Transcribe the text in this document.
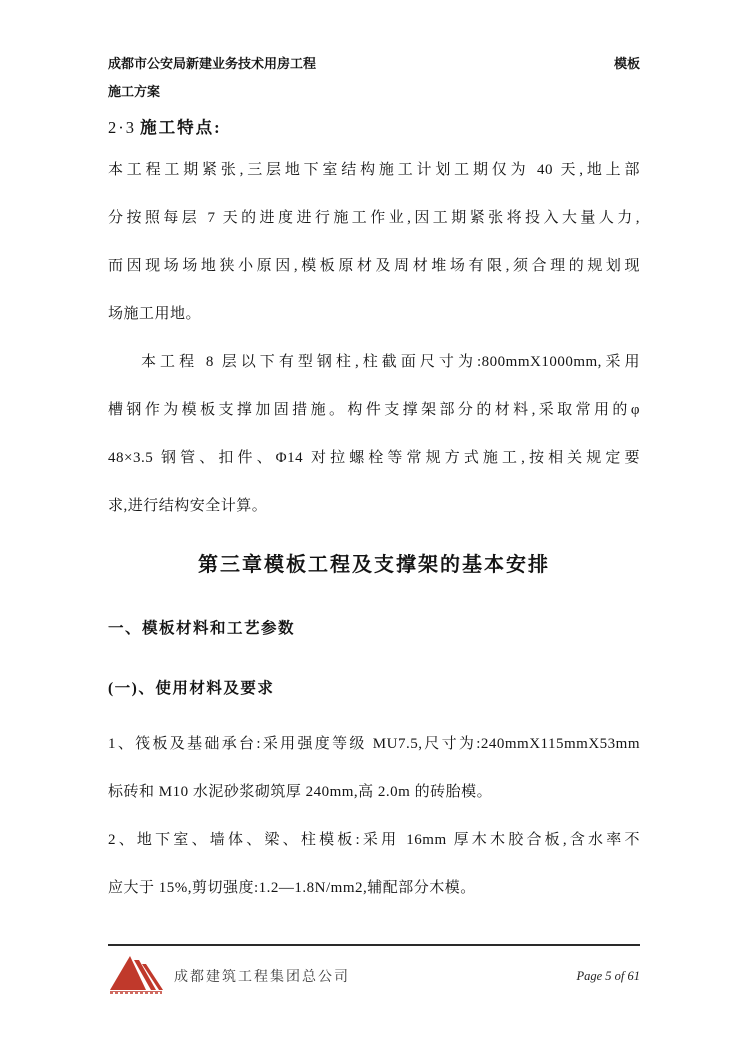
成都市公安局新建业务技术用房工程	模板
施工方案
2·3 施工特点:
本工程工期紧张,三层地下室结构施工计划工期仅为 40 天,地上部
分按照每层 7 天的进度进行施工作业,因工期紧张将投入大量人力,
而因现场场地狭小原因,模板原材及周材堆场有限,须合理的规划现
场施工用地。
本工程 8 层以下有型钢柱,柱截面尺寸为:800mmX1000mm,采用
槽钢作为模板支撑加固措施。构件支撑架部分的材料,采取常用的φ
48×3.5 钢管、扣件、Φ14 对拉螺栓等常规方式施工,按相关规定要
求,进行结构安全计算。
第三章模板工程及支撑架的基本安排
一、模板材料和工艺参数
(一)、使用材料及要求
1、筏板及基础承台:采用强度等级 MU7.5,尺寸为:240mmX115mmX53mm
标砖和 M10 水泥砂浆砌筑厚 240mm,高 2.0m 的砖胎模。
2、地下室、墙体、梁、柱模板:采用 16mm 厚木木胶合板,含水率不
应大于 15%,剪切强度:1.2—1.8N/mm2,辅配部分木模。
成都建筑工程集团总公司	Page 5 of 61
